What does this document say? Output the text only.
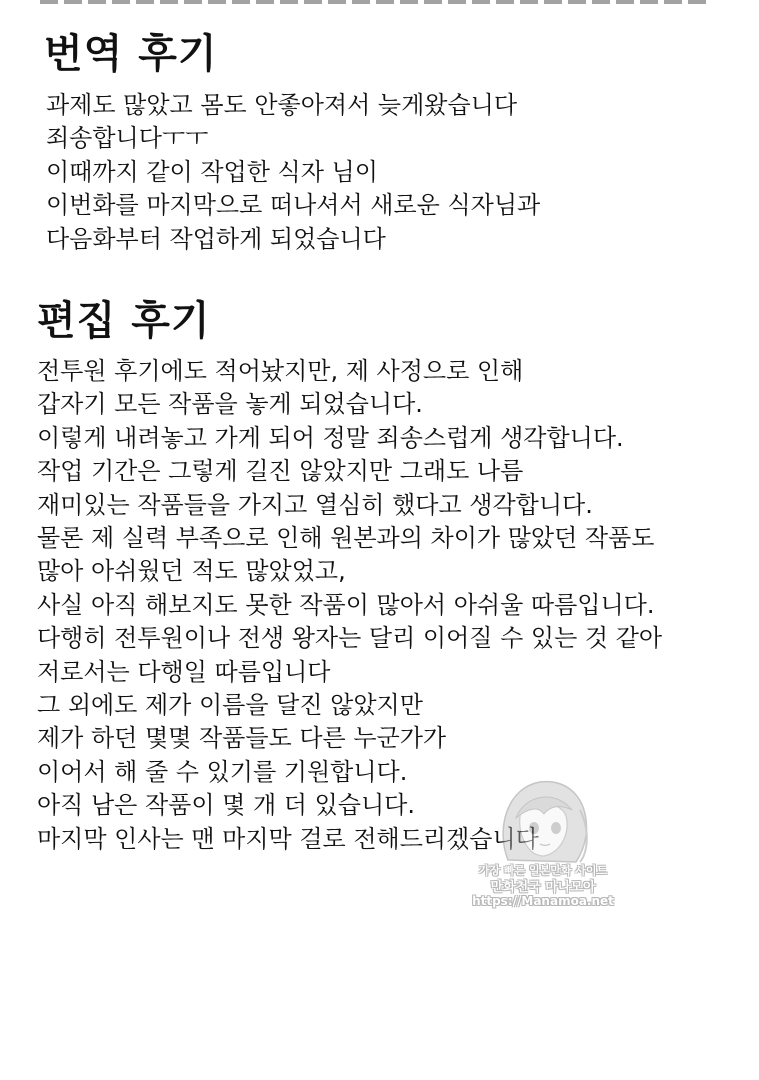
번역 후기

과제도 많았고 몸도 안좋아져서 늦게왔습니다

죄송합니다ㅜㅜ

이때까지 같이 작업한 식자 님이

이번화를 마지막으로 떠나셔서 새로운 식자님과

다음화부터 작업하게 되었습니다

편집 후기

전투원 후기에도 적어놨지만, 제 사정으로 인해

갑자기 모든 작품을 놓게 되었습니다.

이렇게 내려놓고 가게 되어 정말 죄송스럽게 생각합니다.

작업 기간은 그렇게 길진 않았지만 그래도 나름

재미있는 작품들을 가지고 열심히 했다고 생각합니다.

물론 제 실력 부족으로 인해 원본과의 차이가 많았던 작품도

많아 아쉬웠던 적도 많았었고,

사실 아직 해보지도 못한 작품이 많아서 아쉬울 따름입니다.

다행히 전투원이나 전생 왕자는 달리 이어질 수 있는 것 같아

저로서는 다행일 따름입니다

그 외에도 제가 이름을 달진 않았지만

제가 하던 몇몇 작품들도 다른 누군가가

이어서 해 줄 수 있기를 기원합니다.

아직 남은 작품이 몇 개 더 있습니다.

마지막 인사는 맨 마지막 걸로 전해드리겠습니다

가장 빠른 일본만화 사이트
만화천국 마나모아
https://Manamoa.net
